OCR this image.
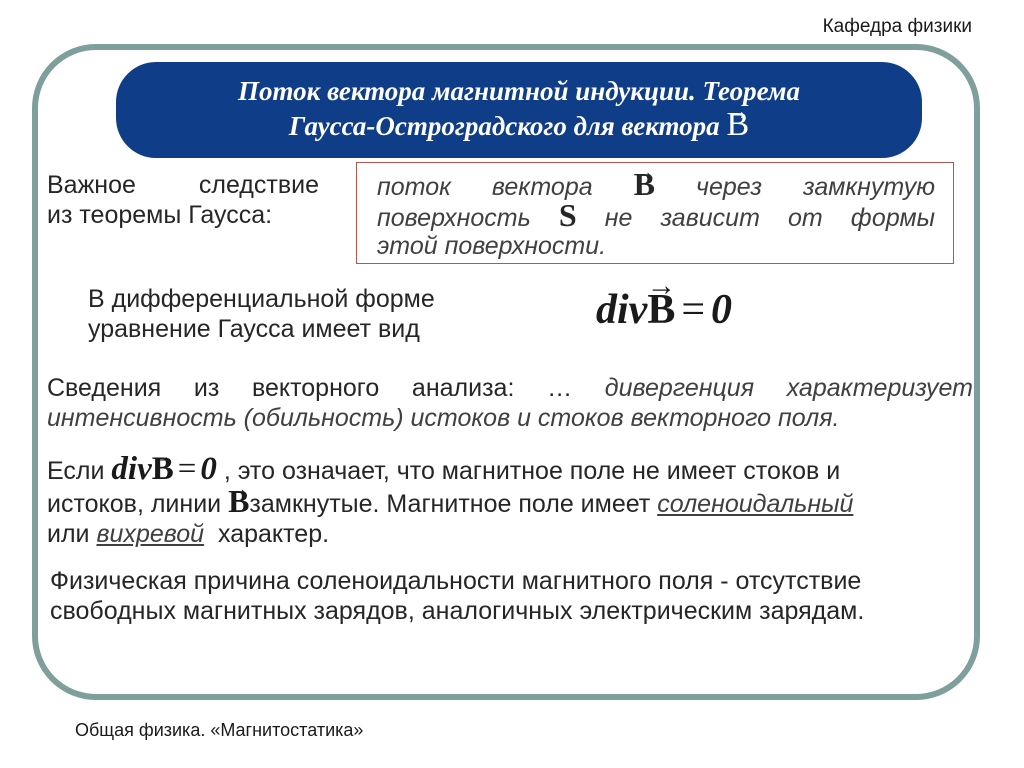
Кафедра физики
Поток вектора магнитной индукции. Теорема
Гаусса-Остроградского для вектора → B
Важное следствие
из теоремы Гаусса:
поток вектора → B через замкнутую
поверхность S не зависит от формы
этой поверхности.
В дифференциальной форме
уравнение Гаусса имеет вид	div→ B = 0
Сведения из векторного анализа: … дивергенция характеризует
интенсивность (обильность) истоков и стоков векторного поля.
Если div→ B = 0 , это означает, что магнитное поле не имеет стоков и
истоков, линии → Bзамкнутые. Магнитное поле имеет соленоидальный
или вихревой характер.
Физическая причина соленоидальности магнитного поля - отсутствие
свободных магнитных зарядов, аналогичных электрическим зарядам.
Общая физика. «Магнитостатика»
